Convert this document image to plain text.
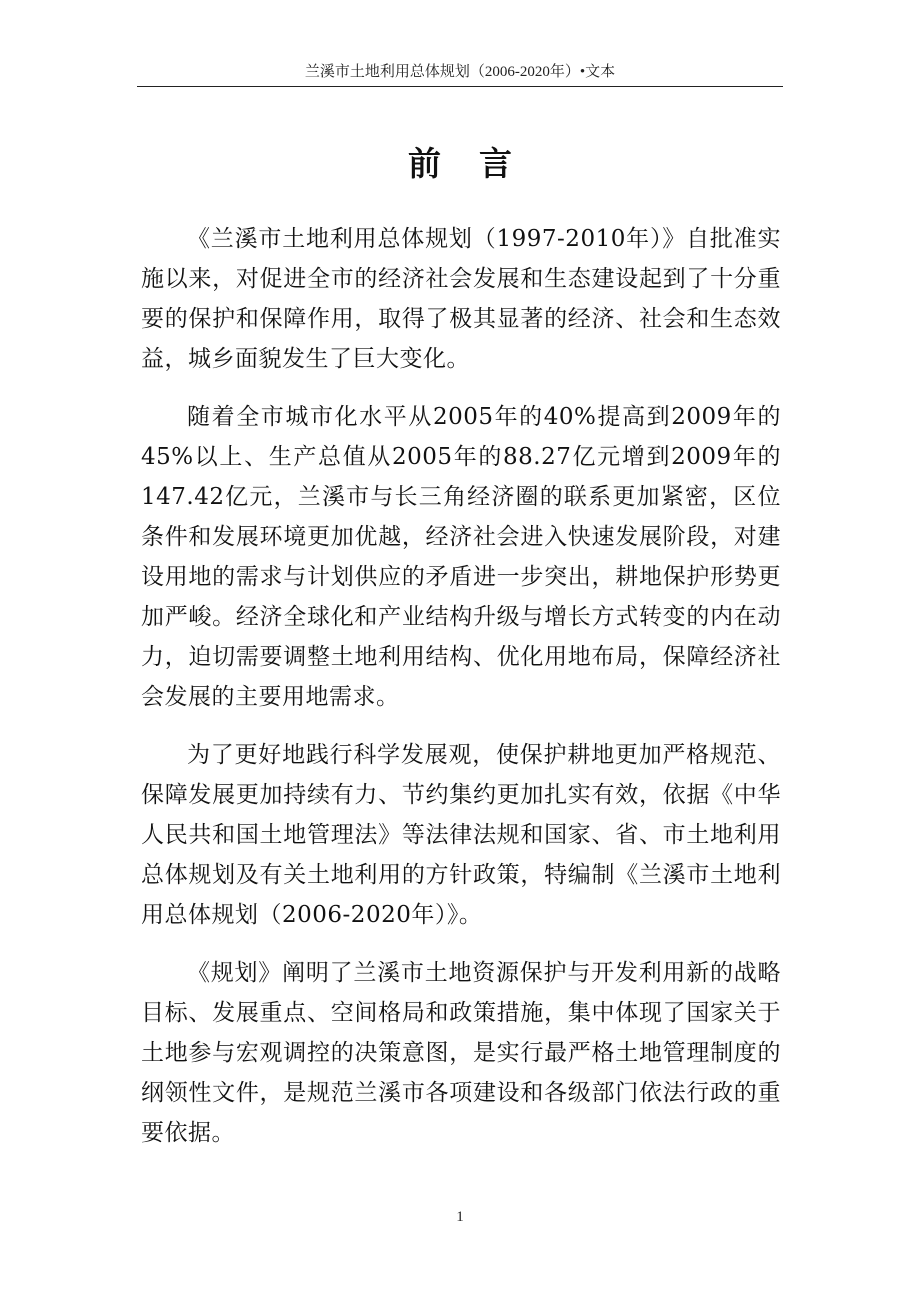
兰溪市土地利用总体规划（2006-2020年）•文本
前言

《兰溪市土地利用总体规划（1997-2010年）》自批准实施以来，对促进全市的经济社会发展和生态建设起到了十分重要的保护和保障作用，取得了极其显著的经济、社会和生态效益，城乡面貌发生了巨大变化。

随着全市城市化水平从2005年的40%提高到2009年的45%以上、生产总值从2005年的88.27亿元增到2009年的147.42亿元，兰溪市与长三角经济圈的联系更加紧密，区位条件和发展环境更加优越，经济社会进入快速发展阶段，对建设用地的需求与计划供应的矛盾进一步突出，耕地保护形势更加严峻。经济全球化和产业结构升级与增长方式转变的内在动力，迫切需要调整土地利用结构、优化用地布局，保障经济社会发展的主要用地需求。

为了更好地践行科学发展观，使保护耕地更加严格规范、保障发展更加持续有力、节约集约更加扎实有效，依据《中华人民共和国土地管理法》等法律法规和国家、省、市土地利用总体规划及有关土地利用的方针政策，特编制《兰溪市土地利用总体规划（2006-2020年）》。

《规划》阐明了兰溪市土地资源保护与开发利用新的战略目标、发展重点、空间格局和政策措施，集中体现了国家关于土地参与宏观调控的决策意图，是实行最严格土地管理制度的纲领性文件，是规范兰溪市各项建设和各级部门依法行政的重要依据。

1
